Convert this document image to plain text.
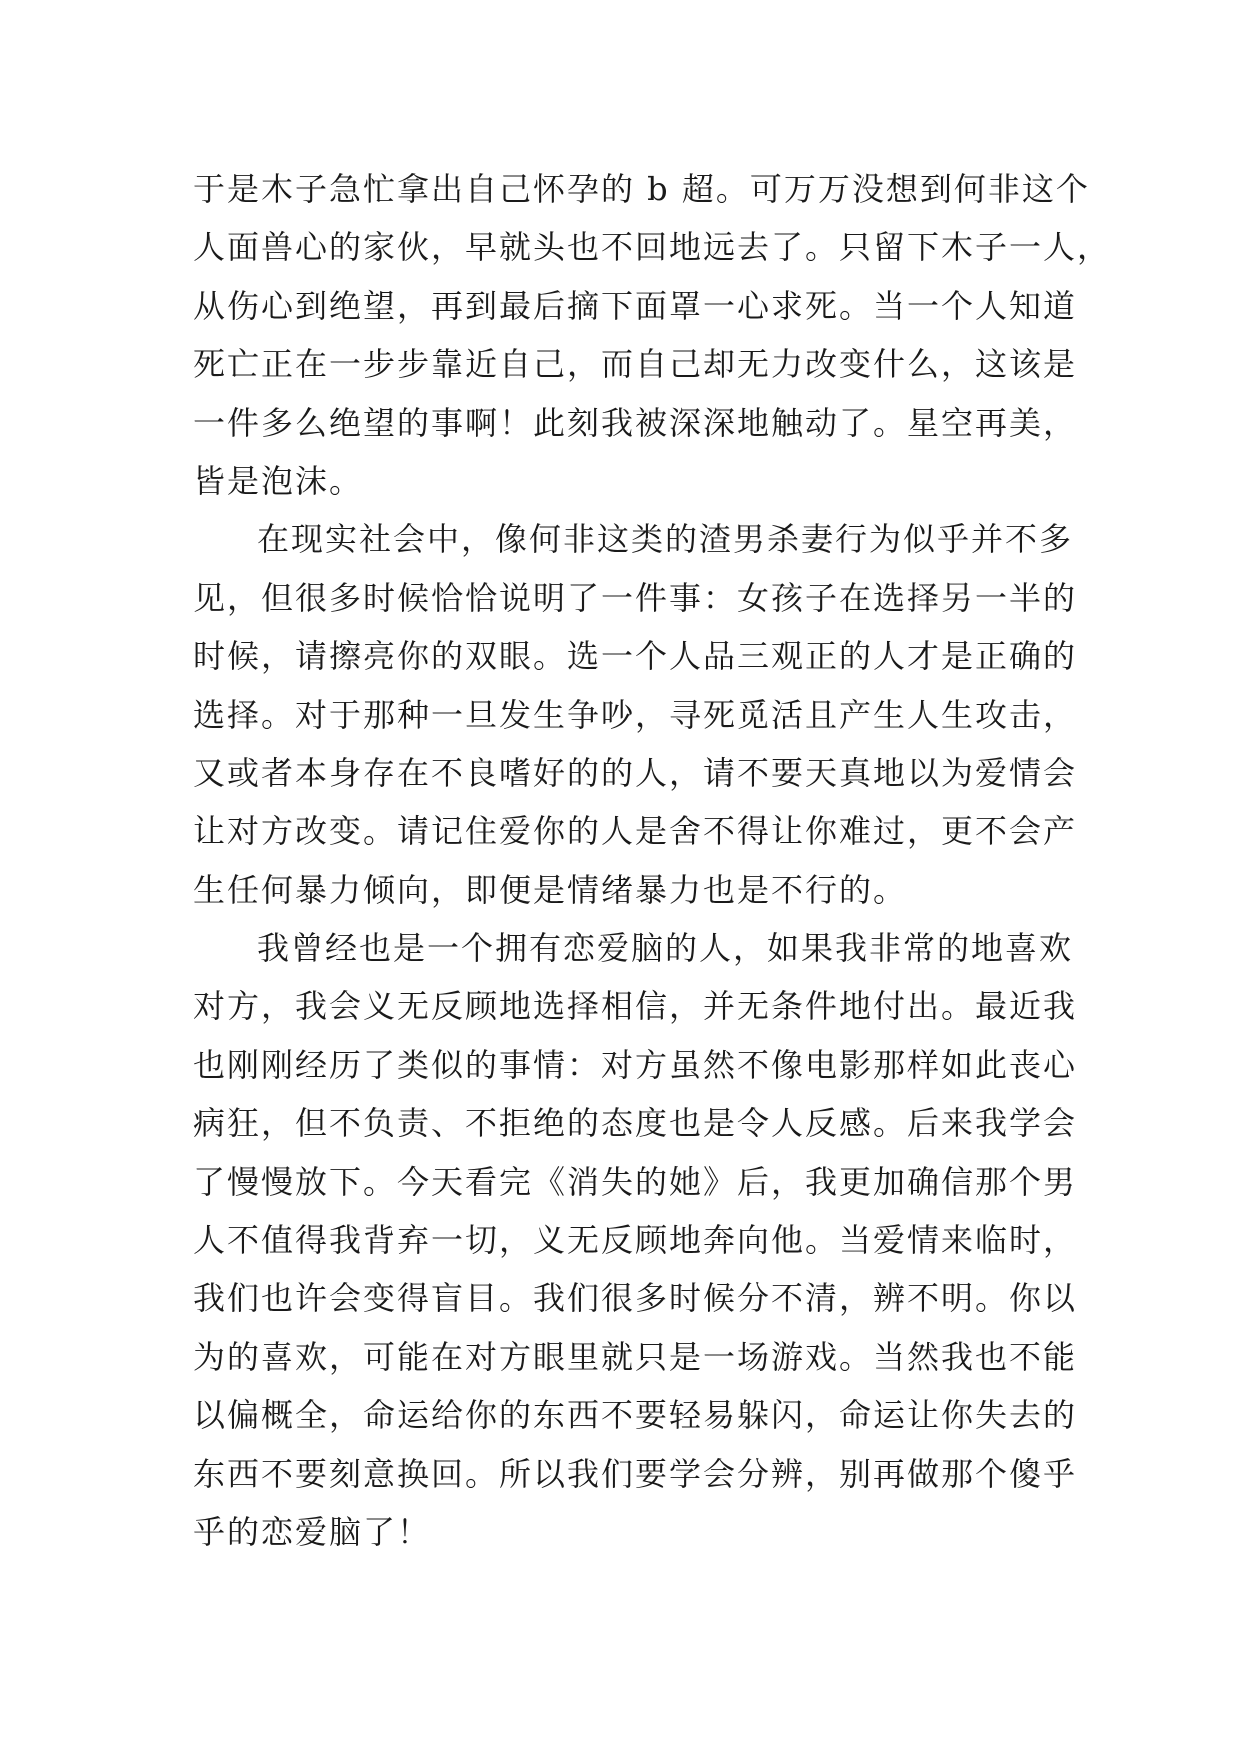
于是木子急忙拿出自己怀孕的 b 超。可万万没想到何非这个
人面兽心的家伙，早就头也不回地远去了。只留下木子一人，
从伤心到绝望，再到最后摘下面罩一心求死。当一个人知道
死亡正在一步步靠近自己，而自己却无力改变什么，这该是
一件多么绝望的事啊！此刻我被深深地触动了。星空再美，
皆是泡沫。
在现实社会中，像何非这类的渣男杀妻行为似乎并不多
见，但很多时候恰恰说明了一件事：女孩子在选择另一半的
时候，请擦亮你的双眼。选一个人品三观正的人才是正确的
选择。对于那种一旦发生争吵，寻死觅活且产生人生攻击，
又或者本身存在不良嗜好的的人，请不要天真地以为爱情会
让对方改变。请记住爱你的人是舍不得让你难过，更不会产
生任何暴力倾向，即便是情绪暴力也是不行的。
我曾经也是一个拥有恋爱脑的人，如果我非常的地喜欢
对方，我会义无反顾地选择相信，并无条件地付出。最近我
也刚刚经历了类似的事情：对方虽然不像电影那样如此丧心
病狂，但不负责、不拒绝的态度也是令人反感。后来我学会
了慢慢放下。今天看完《消失的她》后，我更加确信那个男
人不值得我背弃一切，义无反顾地奔向他。当爱情来临时，
我们也许会变得盲目。我们很多时候分不清，辨不明。你以
为的喜欢，可能在对方眼里就只是一场游戏。当然我也不能
以偏概全，命运给你的东西不要轻易躲闪，命运让你失去的
东西不要刻意换回。所以我们要学会分辨，别再做那个傻乎
乎的恋爱脑了！
